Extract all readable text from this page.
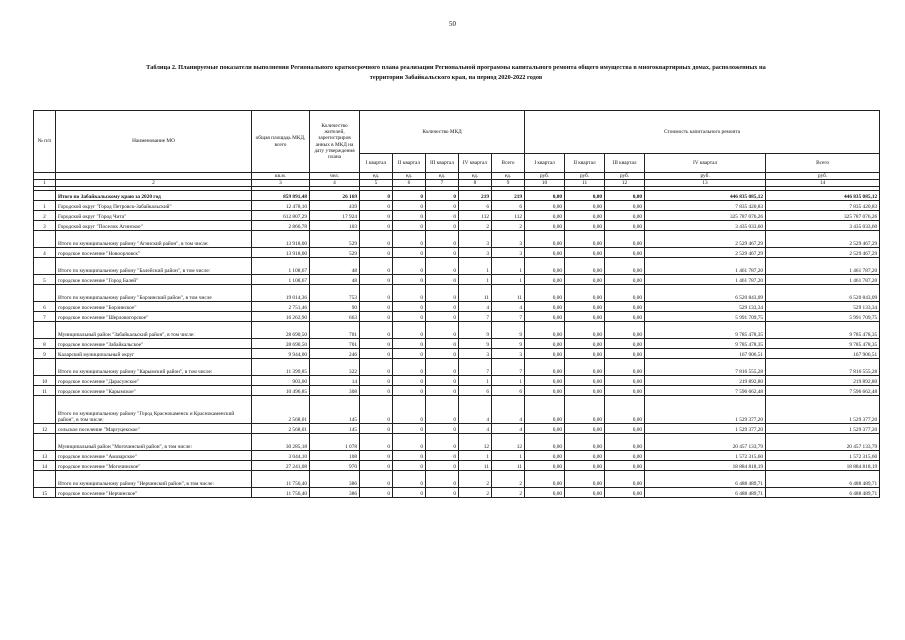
50
Таблица 2. Планируемые показатели выполнения Регионального краткосрочного плана реализации Региональной программы капитального ремонта общего имущества в многоквартирных домах, расположенных на
территории Забайкальского края, на период 2020-2022 годов
№ п/п	Наименование МО	общая площадь МКД, всего	Количество жителей, зарегистриров анных в МКД на дату утверждения плана	Количество МКД					Стоимость капитального ремонта				
				I квартал	II квартал	III квартал	IV квартал	Всего	I квартал	II квартал	III квартал	IV квартал	Всего
		кв.м.	чел.	ед.	ед.	ед.	ед.	ед.	руб.	руб.	руб.	руб.	руб.
1	2	3	4	5	6	7	8	9	10	11	12	13	14

	Итого по Забайкальскому краю за 2020 год	859 891,48	26 169	0	0	0	219	219	0,00	0,00	0,00	446 835 085,12	446 835 085,12
1	Городской округ "Город Петровск-Забайкальский"	12 478,10	439	0	0	0	6	6	0,00	0,00	0,00	7 835 420,83	7 835 420,83
2	Городской округ "Город Чита"	612 807,29	17 924	0	0	0	112	112	0,00	0,00	0,00	325 787 076,26	325 787 076,26
3	Городской округ "Поселок Агинское"	2 866,78	103	0	0	0	2	2	0,00	0,00	0,00	3 435 033,60	3 435 033,60
	Итого по муниципальному району "Агинский район", в том числе:	13 918,00	529	0	0	0	3	3	0,00	0,00	0,00	2 529 467,29	2 529 467,29
4	городское поселение "Новоорловск"	13 918,00	529	0	0	0	3	3	0,00	0,00	0,00	2 529 467,29	2 529 467,29
	Итого по муниципальному району "Балейский район", в том числе:	1 108,67	48	0	0	0	1	1	0,00	0,00	0,00	1 461 787,20	1 461 787,20
5	городское поселение "Город Балей"	1 108,67	48	0	0	0	1	1	0,00	0,00	0,00	1 461 787,20	1 461 787,20
	Итого по муниципальному району "Борзинский район", в том числе	19 014,36	753	0	0	0	11	11	0,00	0,00	0,00	6 520 843,09	6 520 843,09
6	городское поселение "Борзинское"	2 751,46	90	0	0	0	4	4	0,00	0,00	0,00	529 133,34	529 133,34
7	городское поселение "Шерловогорское"	16 262,90	663	0	0	0	7	7	0,00	0,00	0,00	5 991 709,75	5 991 709,75
	Муниципальный район "Забайкальский район", в том числе:	28 690,50	701	0	0	0	9	9	0,00	0,00	0,00	9 785 478,35	9 785 478,35
8	городское поселение "Забайкальское"	28 690,50	701	0	0	0	9	9	0,00	0,00	0,00	9 785 478,35	9 785 478,35
9	Каларский муниципальный округ	9 944,00	246	0	0	0	3	3	0,00	0,00	0,00	167 906,51	167 906,51
	Итого по муниципальному району "Карымский район", в том числе:	11 399,85	322	0	0	0	7	7	0,00	0,00	0,00	7 816 555,28	7 816 555,28
10	городское поселение "Дарасунское"	903,00	14	0	0	0	1	1	0,00	0,00	0,00	219 892,80	219 892,80
11	городское поселение "Карымское"	10 496,85	308	0	0	0	6	6	0,00	0,00	0,00	7 596 662,48	7 596 662,48
	Итого по муниципальному району "Город Краснокаменск и Краснокаменский район", в том числе:	2 568,01	145	0	0	0	4	4	0,00	0,00	0,00	1 529 377,20	1 529 377,20
12	сельское поселение "Маргуцекское"	2 568,01	145	0	0	0	4	4	0,00	0,00	0,00	1 529 377,20	1 529 377,20
	Муниципальный район "Могочинский район", в том числе:	30 285,18	1 078	0	0	0	12	12	0,00	0,00	0,00	20 457 133,79	20 457 133,79
13	городское поселение "Амазарское"	3 044,10	108	0	0	0	1	1	0,00	0,00	0,00	1 572 315,60	1 572 315,60
14	городское поселение "Могочинское"	27 241,08	970	0	0	0	11	11	0,00	0,00	0,00	18 884 818,19	18 884 818,19
	Итого по муниципальному району "Нерчинский район", в том числе:	11 756,40	386	0	0	0	2	2	0,00	0,00	0,00	6 488 489,71	6 488 489,71
15	городское поселение "Нерчинское"	11 756,40	386	0	0	0	2	2	0,00	0,00	0,00	6 488 489,71	6 488 489,71
